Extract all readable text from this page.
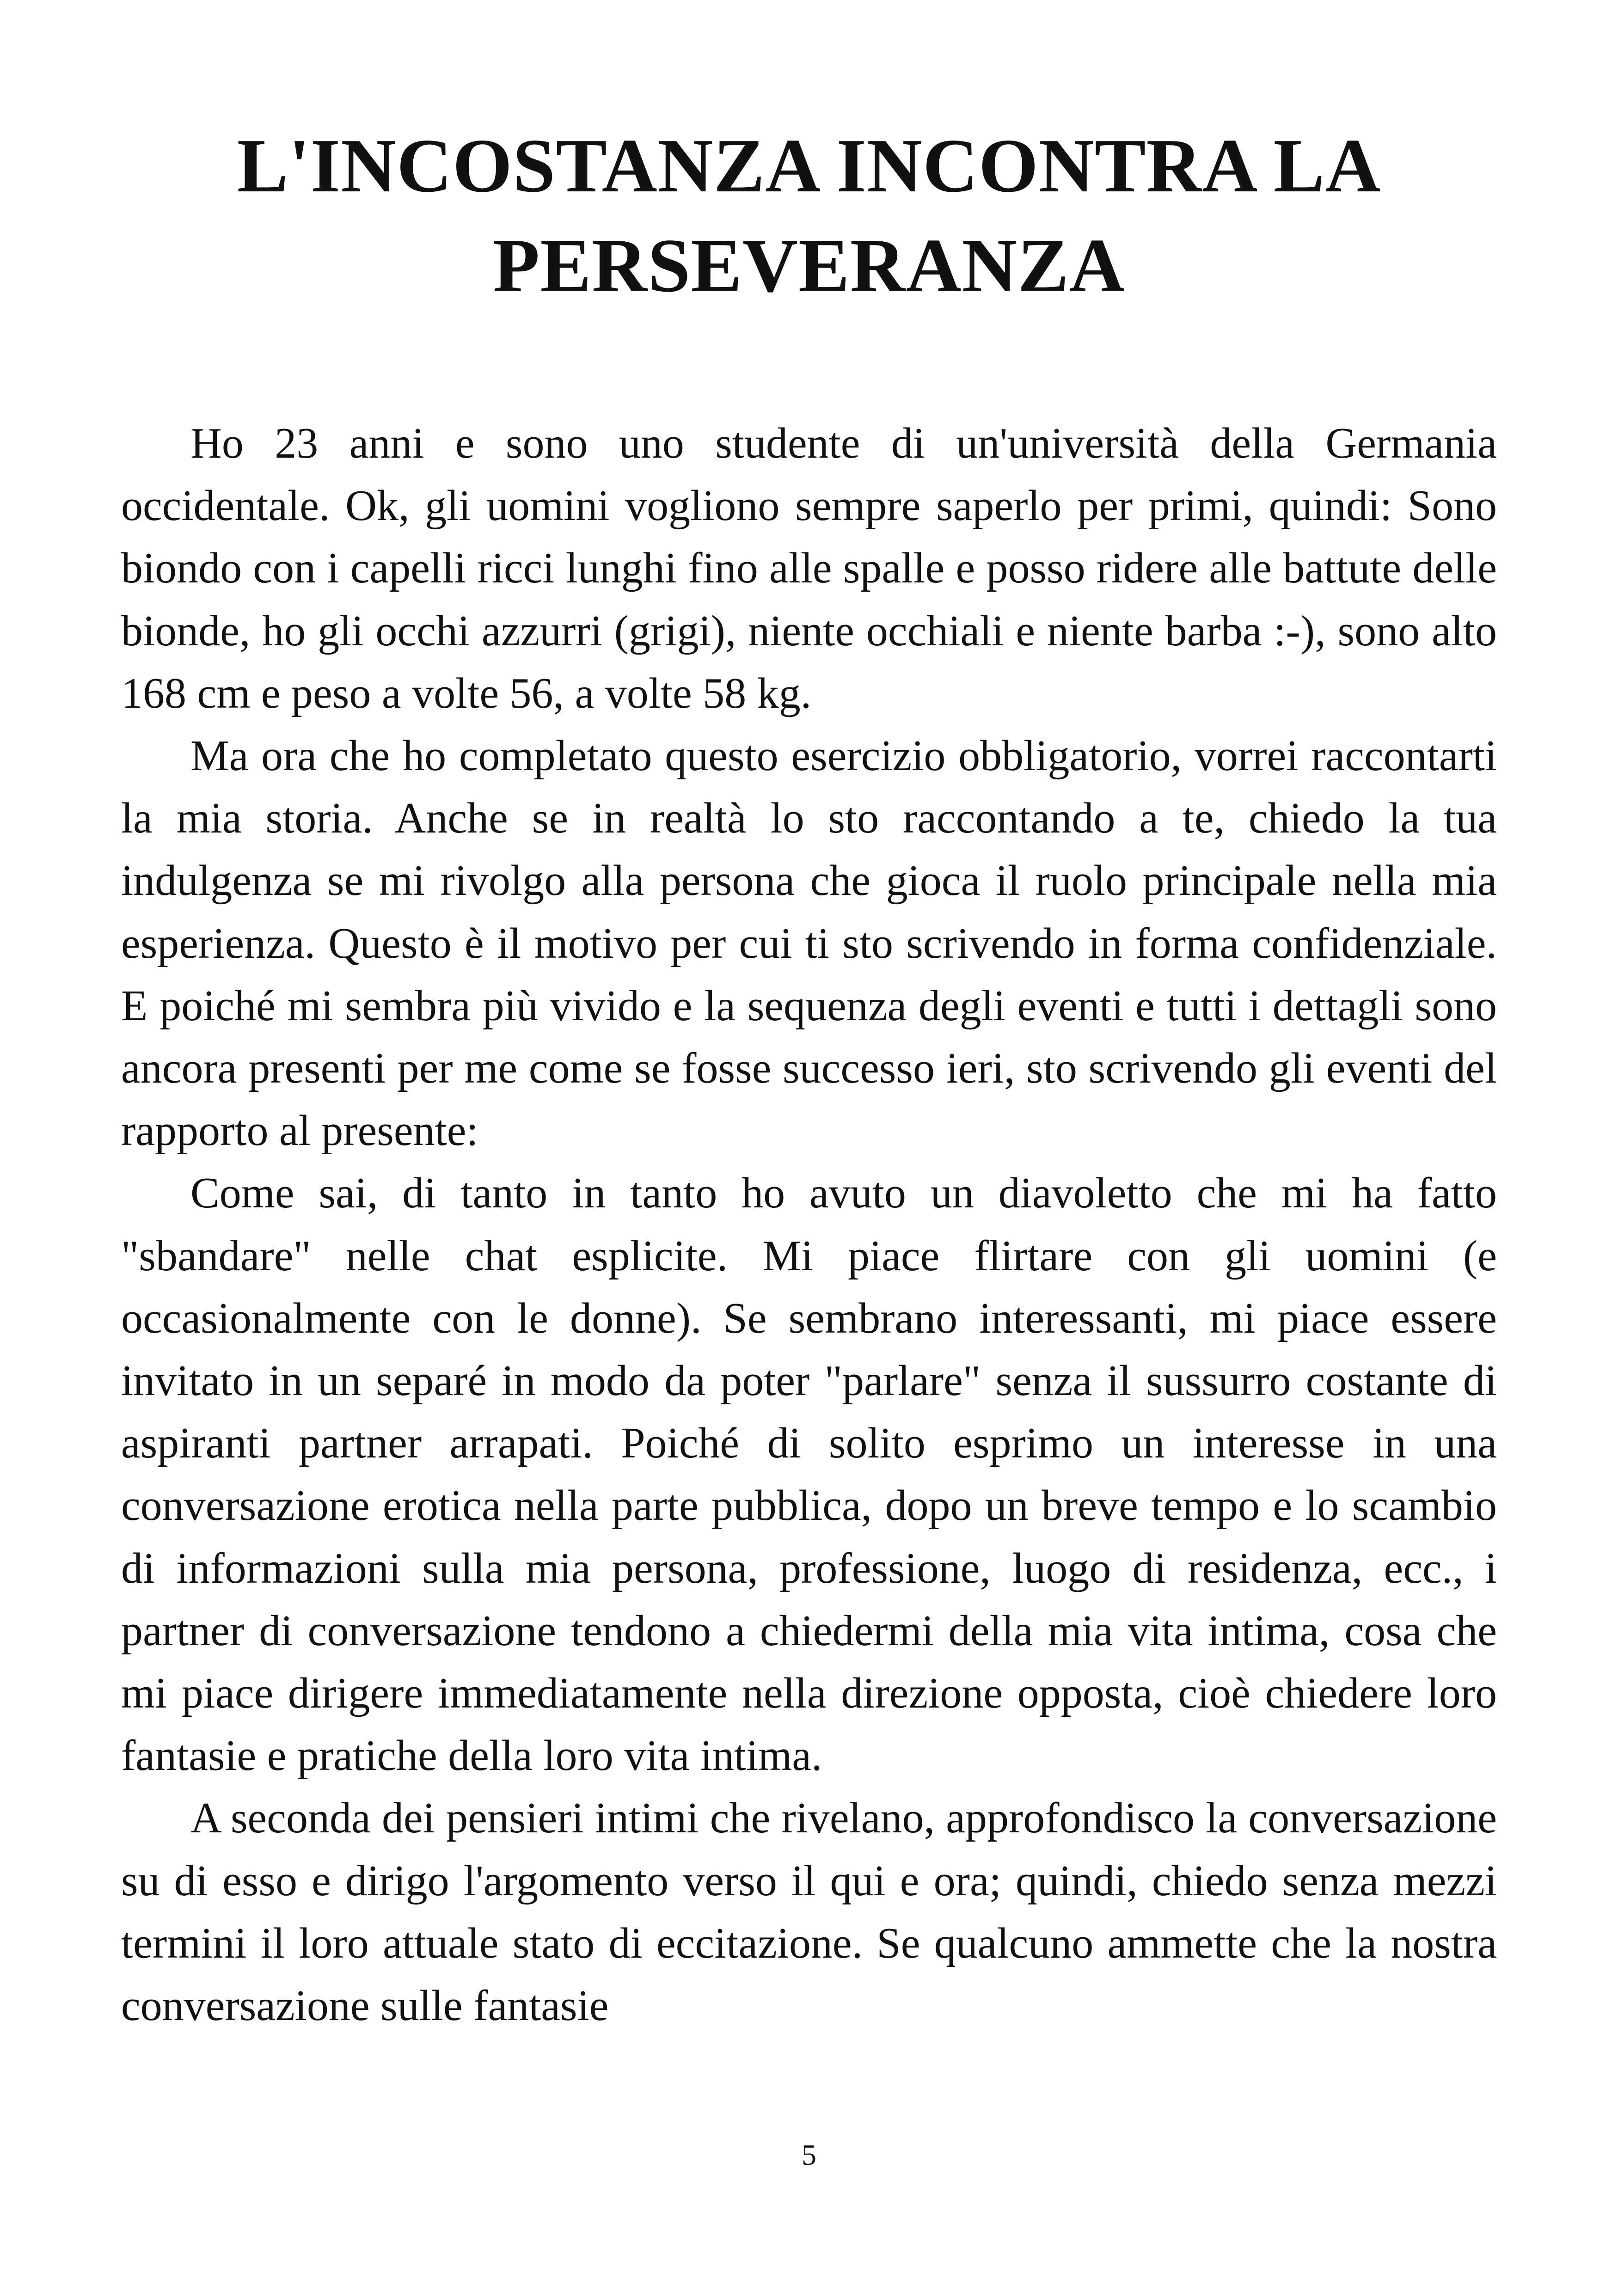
L'INCOSTANZA INCONTRA LA
PERSEVERANZA

Ho 23 anni e sono uno studente di un'università della Germania occidentale. Ok, gli uomini vogliono sempre saperlo per primi, quindi: Sono biondo con i capelli ricci lunghi fino alle spalle e posso ridere alle battute delle bionde, ho gli occhi azzurri (grigi), niente occhiali e niente barba :-), sono alto 168 cm e peso a volte 56, a volte 58 kg.

Ma ora che ho completato questo esercizio obbligatorio, vorrei raccontarti la mia storia. Anche se in realtà lo sto raccontando a te, chiedo la tua indulgenza se mi rivolgo alla persona che gioca il ruolo principale nella mia esperienza. Questo è il motivo per cui ti sto scrivendo in forma confidenziale. E poiché mi sembra più vivido e la sequenza degli eventi e tutti i dettagli sono ancora presenti per me come se fosse successo ieri, sto scrivendo gli eventi del rapporto al presente:

Come sai, di tanto in tanto ho avuto un diavoletto che mi ha fatto "sbandare" nelle chat esplicite. Mi piace flirtare con gli uomini (e occasionalmente con le donne). Se sembrano interessanti, mi piace essere invitato in un separé in modo da poter "parlare" senza il sussurro costante di aspiranti partner arrapati. Poiché di solito esprimo un interesse in una conversazione erotica nella parte pubblica, dopo un breve tempo e lo scambio di informazioni sulla mia persona, professione, luogo di residenza, ecc., i partner di conversazione tendono a chiedermi della mia vita intima, cosa che mi piace dirigere immediatamente nella direzione opposta, cioè chiedere loro fantasie e pratiche della loro vita intima.

A seconda dei pensieri intimi che rivelano, approfondisco la conversazione su di esso e dirigo l'argomento verso il qui e ora; quindi, chiedo senza mezzi termini il loro attuale stato di eccitazione. Se qualcuno ammette che la nostra conversazione sulle fantasie

5
